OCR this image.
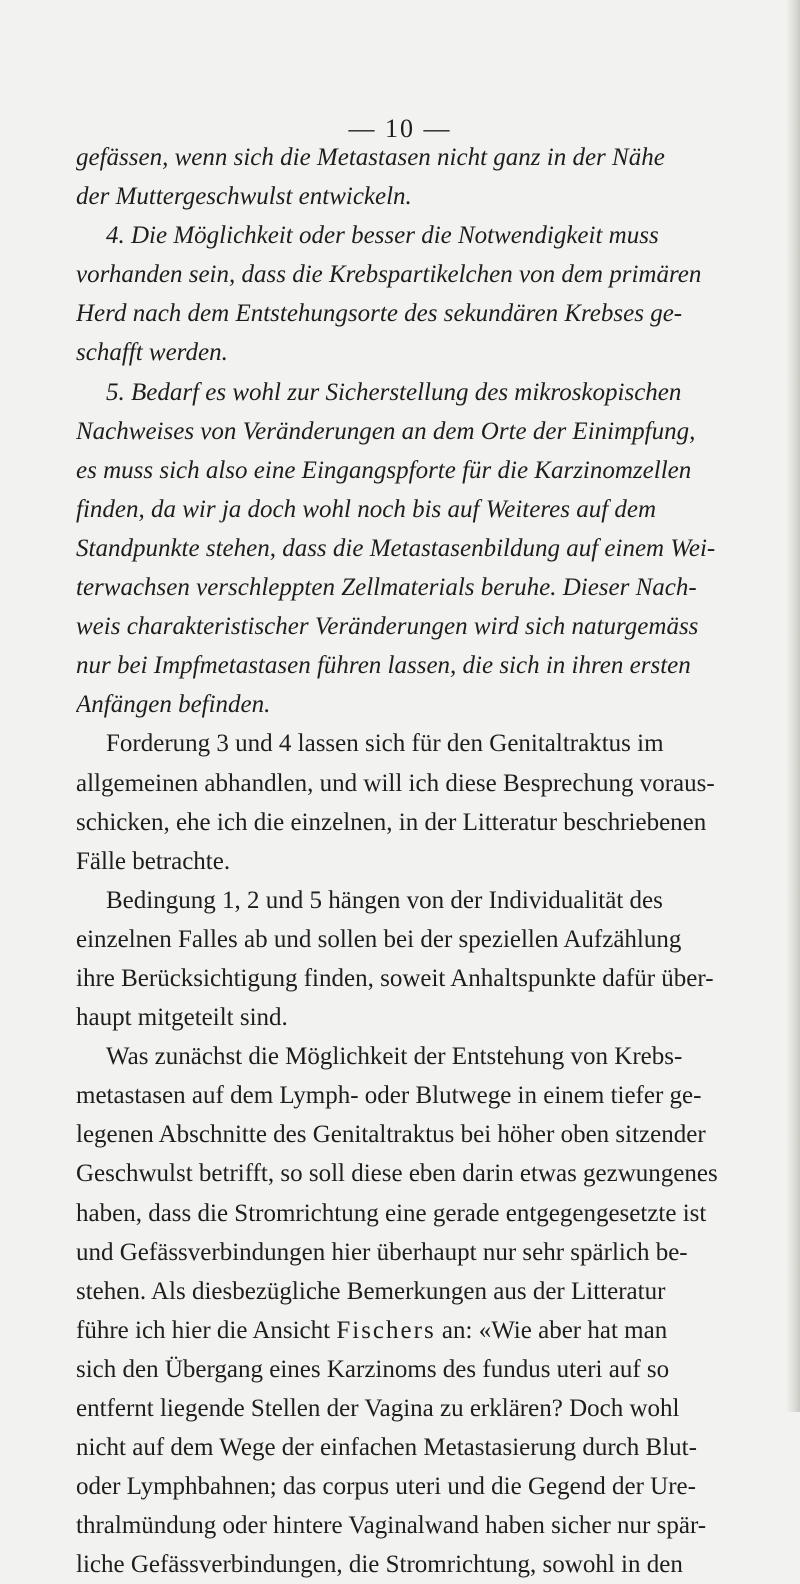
— 10 —
gefässen, wenn sich die Metastasen nicht ganz in der Nähe
der Muttergeschwulst entwickeln.
4. Die Möglichkeit oder besser die Notwendigkeit muss
vorhanden sein, dass die Krebspartikelchen von dem primären
Herd nach dem Entstehungsorte des sekundären Krebses ge-
schafft werden.
5. Bedarf es wohl zur Sicherstellung des mikroskopischen
Nachweises von Veränderungen an dem Orte der Einimpfung,
es muss sich also eine Eingangspforte für die Karzinomzellen
finden, da wir ja doch wohl noch bis auf Weiteres auf dem
Standpunkte stehen, dass die Metastasenbildung auf einem Wei-
terwachsen verschleppten Zellmaterials beruhe. Dieser Nach-
weis charakteristischer Veränderungen wird sich naturgemäss
nur bei Impfmetastasen führen lassen, die sich in ihren ersten
Anfängen befinden.
Forderung 3 und 4 lassen sich für den Genitaltraktus im
allgemeinen abhandlen, und will ich diese Besprechung voraus-
schicken, ehe ich die einzelnen, in der Litteratur beschriebenen
Fälle betrachte.
Bedingung 1, 2 und 5 hängen von der Individualität des
einzelnen Falles ab und sollen bei der speziellen Aufzählung
ihre Berücksichtigung finden, soweit Anhaltspunkte dafür über-
haupt mitgeteilt sind.
Was zunächst die Möglichkeit der Entstehung von Krebs-
metastasen auf dem Lymph- oder Blutwege in einem tiefer ge-
legenen Abschnitte des Genitaltraktus bei höher oben sitzender
Geschwulst betrifft, so soll diese eben darin etwas gezwungenes
haben, dass die Stromrichtung eine gerade entgegengesetzte ist
und Gefässverbindungen hier überhaupt nur sehr spärlich be-
stehen. Als diesbezügliche Bemerkungen aus der Litteratur
führe ich hier die Ansicht Fischers an: «Wie aber hat man
sich den Übergang eines Karzinoms des fundus uteri auf so
entfernt liegende Stellen der Vagina zu erklären? Doch wohl
nicht auf dem Wege der einfachen Metastasierung durch Blut-
oder Lymphbahnen; das corpus uteri und die Gegend der Ure-
thralmündung oder hintere Vaginalwand haben sicher nur spär-
liche Gefässverbindungen, die Stromrichtung, sowohl in den
